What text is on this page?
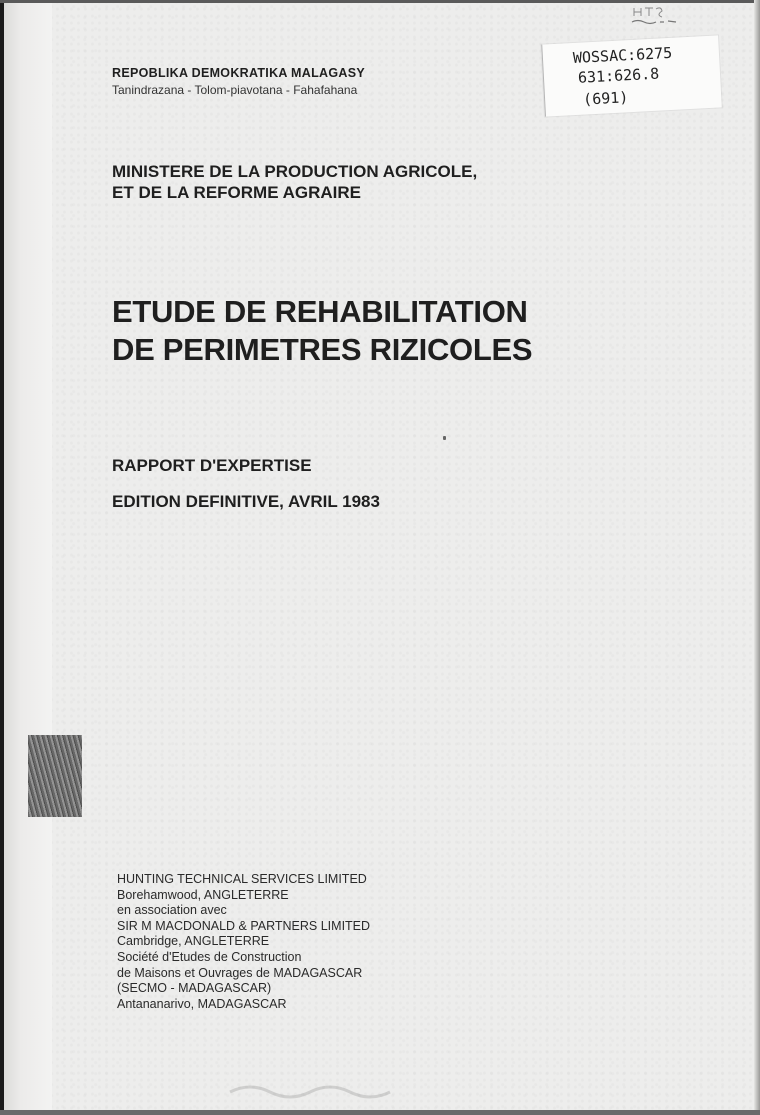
WOSSAC:6275
631:626.8
(691)
REPOBLIKA DEMOKRATIKA MALAGASY
Tanindrazana - Tolom-piavotana - Fahafahana
MINISTERE DE LA PRODUCTION AGRICOLE,
ET DE LA REFORME AGRAIRE
ETUDE DE REHABILITATION
DE PERIMETRES RIZICOLES
RAPPORT D'EXPERTISE
EDITION DEFINITIVE, AVRIL 1983
HUNTING TECHNICAL SERVICES LIMITED
Borehamwood, ANGLETERRE
en association avec
SIR M MACDONALD & PARTNERS LIMITED
Cambridge, ANGLETERRE
Société d'Etudes de Construction
de Maisons et Ouvrages de MADAGASCAR
(SECMO - MADAGASCAR)
Antananarivo, MADAGASCAR
